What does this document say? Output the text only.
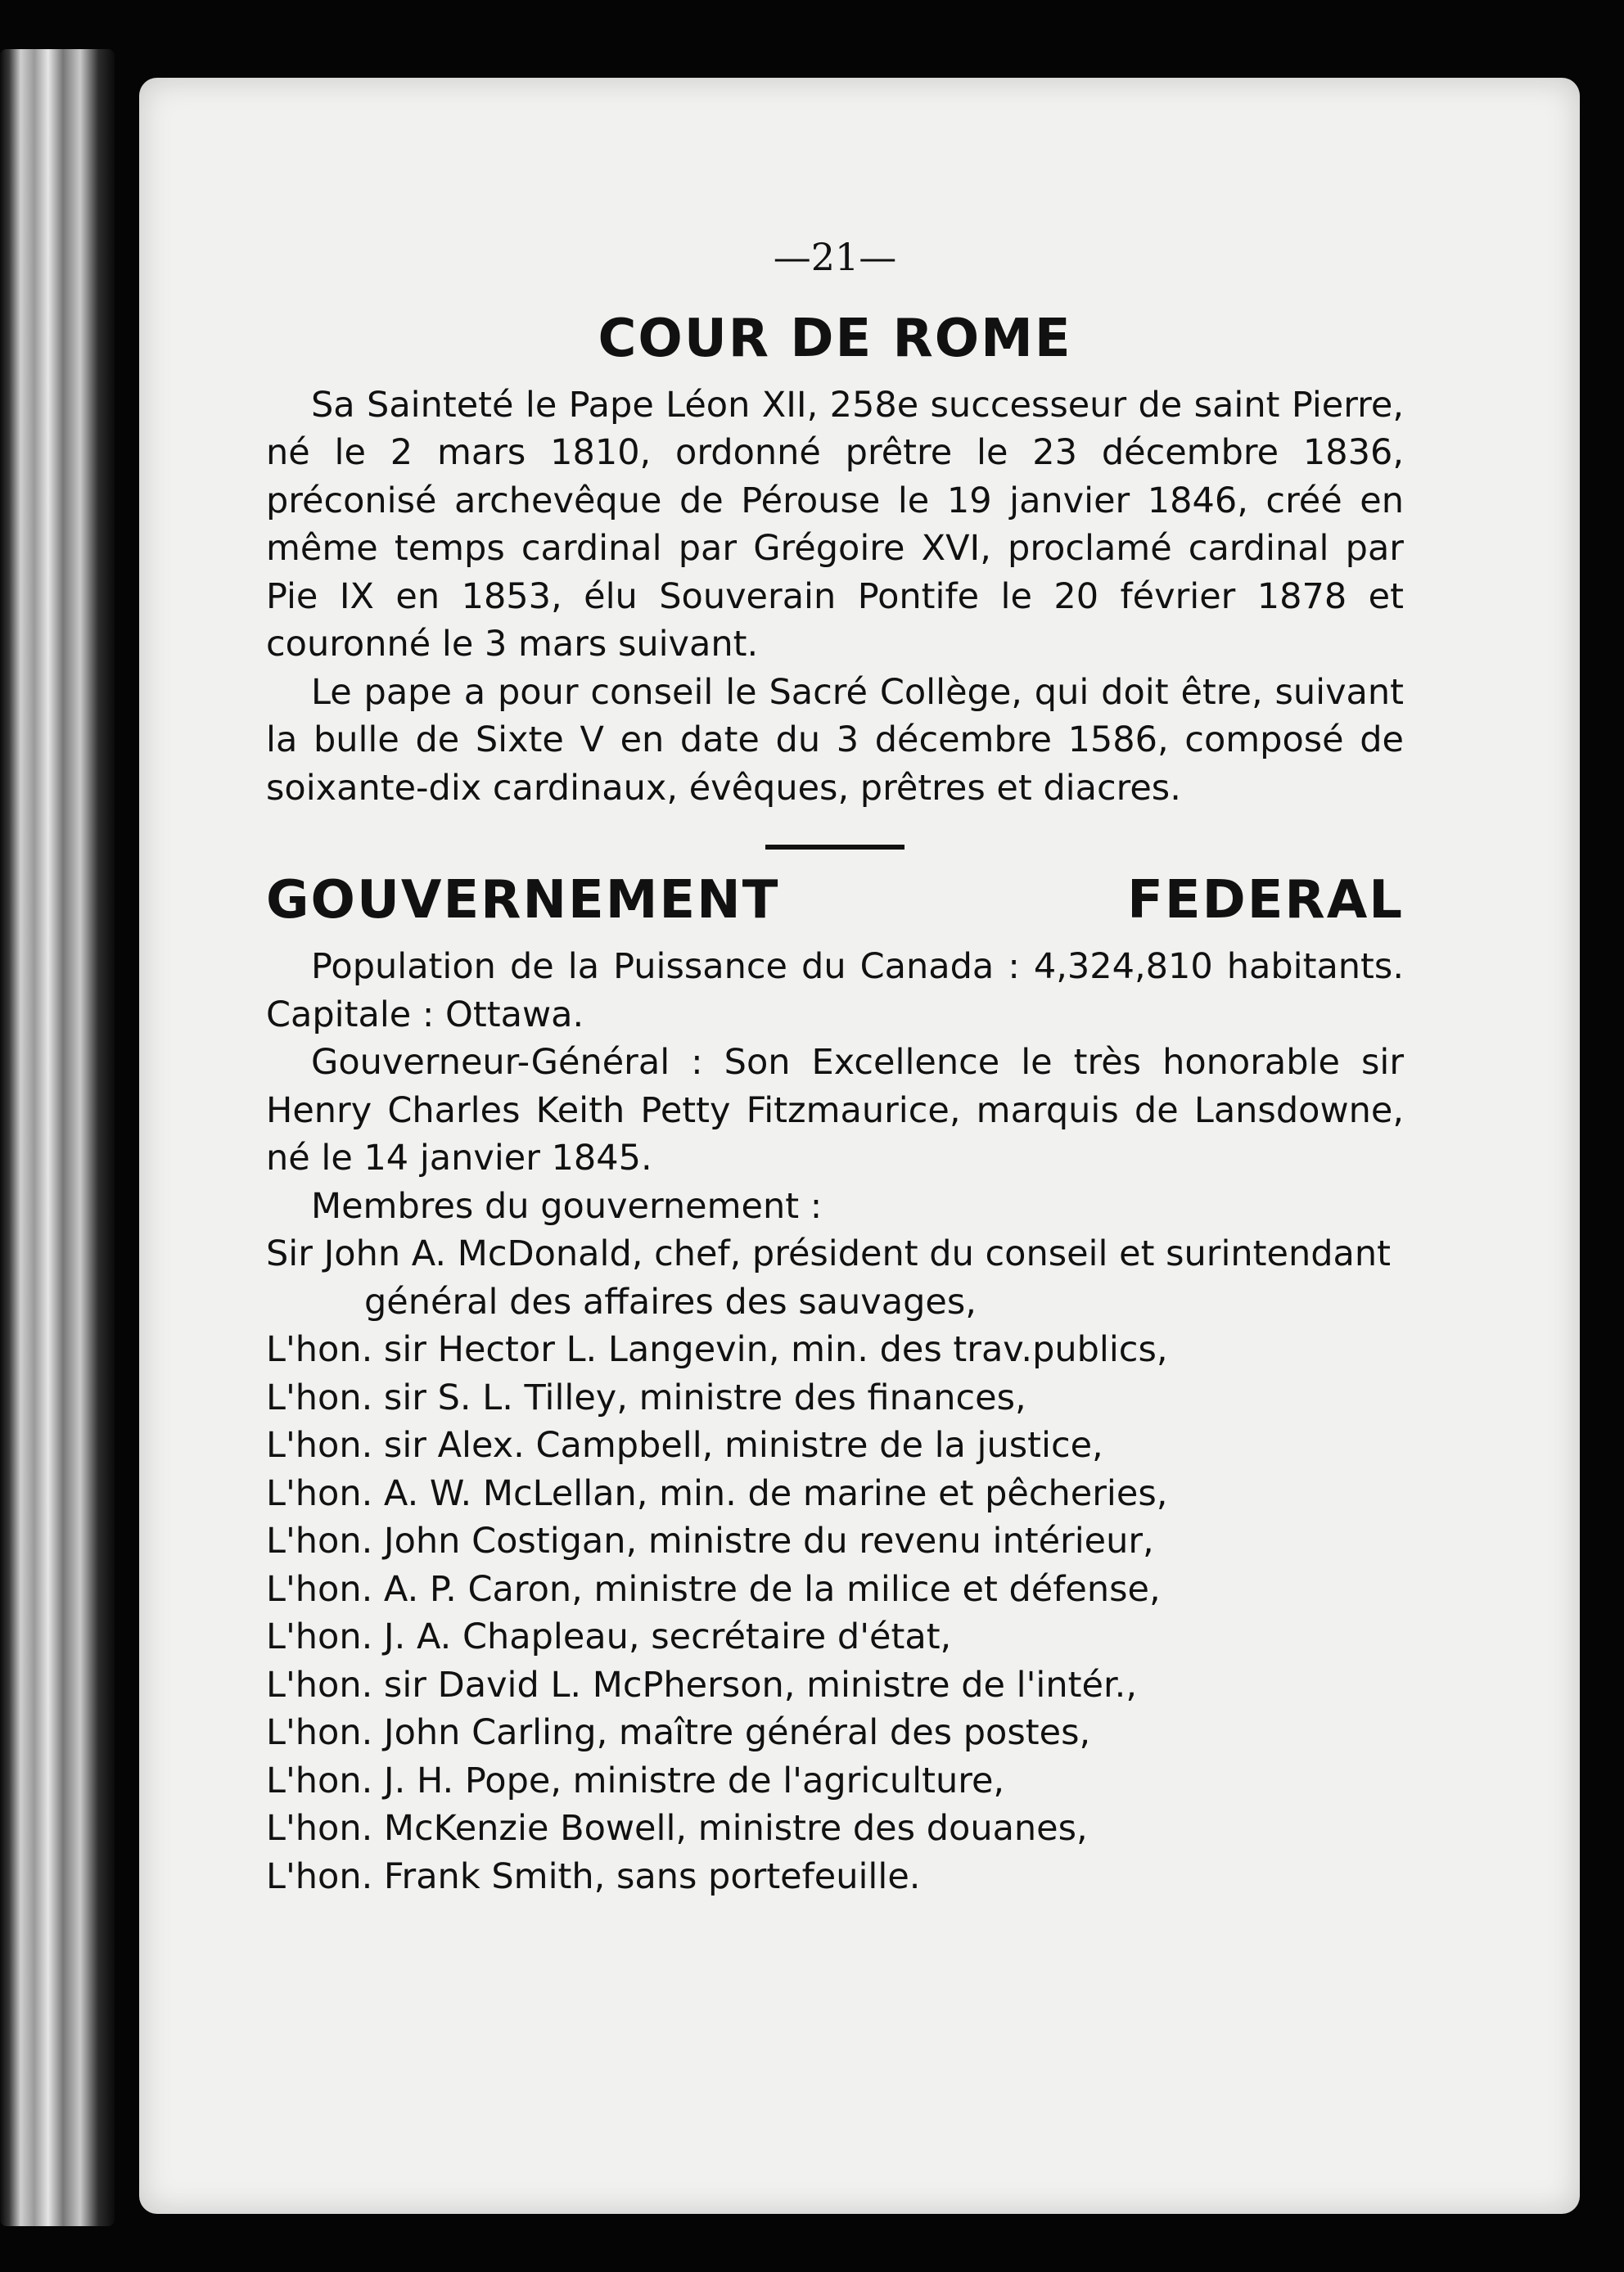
—21—
COUR DE ROME

Sa Sainteté le Pape Léon XII, 258e successeur de saint Pierre, né le 2 mars 1810, ordonné prêtre le 23 décembre 1836, préconisé archevêque de Pérouse le 19 janvier 1846, créé en même temps cardinal par Grégoire XVI, proclamé cardinal par Pie IX en 1853, élu Souverain Pontife le 20 février 1878 et couronné le 3 mars suivant.

Le pape a pour conseil le Sacré Collège, qui doit être, suivant la bulle de Sixte V en date du 3 décembre 1586, composé de soixante-dix cardinaux, évêques, prêtres et diacres.

GOUVERNEMENT FEDERAL

Population de la Puissance du Canada : 4,324,810 habitants. Capitale : Ottawa.

Gouverneur-Général : Son Excellence le très honorable sir Henry Charles Keith Petty Fitzmaurice, marquis de Lansdowne, né le 14 janvier 1845.

Membres du gouvernement :
Sir John A. McDonald, chef, président du conseil et surintendant général des affaires des sauvages,
L'hon. sir Hector L. Langevin, min. des trav.publics,
L'hon. sir S. L. Tilley, ministre des finances,
L'hon. sir Alex. Campbell, ministre de la justice,
L'hon. A. W. McLellan, min. de marine et pêcheries,
L'hon. John Costigan, ministre du revenu intérieur,
L'hon. A. P. Caron, ministre de la milice et défense,
L'hon. J. A. Chapleau, secrétaire d'état,
L'hon. sir David L. McPherson, ministre de l'intér.,
L'hon. John Carling, maître général des postes,
L'hon. J. H. Pope, ministre de l'agriculture,
L'hon. McKenzie Bowell, ministre des douanes,
L'hon. Frank Smith, sans portefeuille.
